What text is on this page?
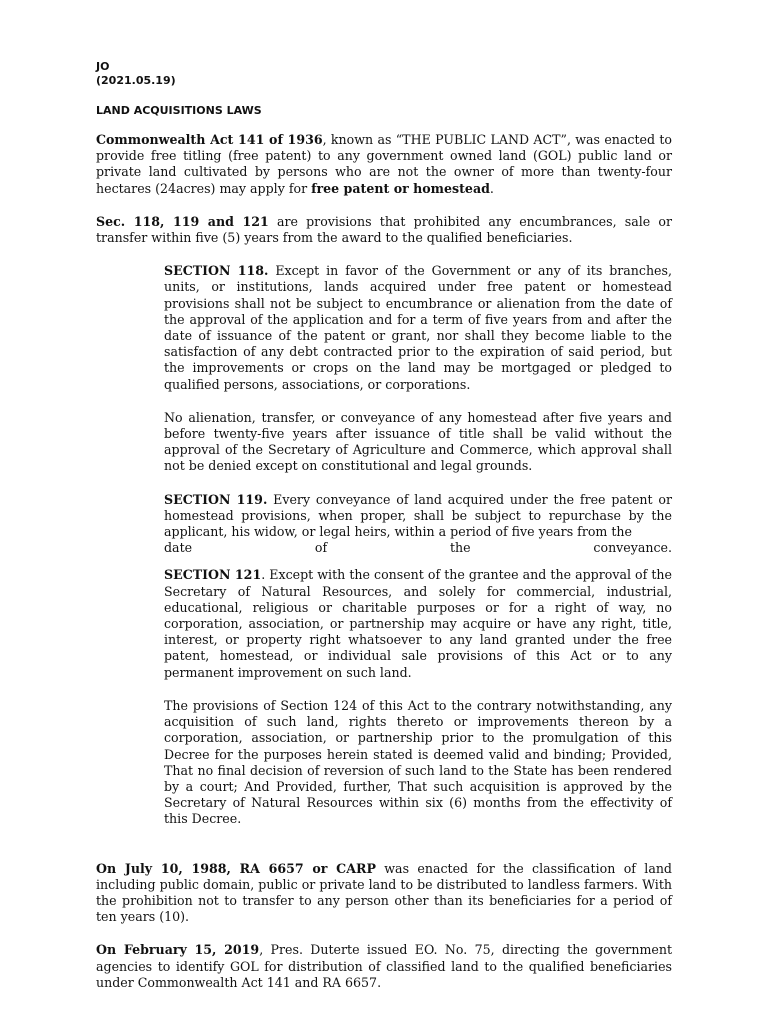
JO
(2021.05.19)
LAND ACQUISITIONS LAWS

Commonwealth Act 141 of 1936, known as “THE PUBLIC LAND ACT”, was enacted to provide free titling (free patent) to any government owned land (GOL) public land or private land cultivated by persons who are not the owner of more than twenty-four hectares (24acres) may apply for free patent or homestead.

Sec. 118, 119 and 121 are provisions that prohibited any encumbrances, sale or transfer within five (5) years from the award to the qualified beneficiaries.

SECTION 118. Except in favor of the Government or any of its branches, units, or institutions, lands acquired under free patent or homestead provisions shall not be subject to encumbrance or alienation from the date of the approval of the application and for a term of five years from and after the date of issuance of the patent or grant, nor shall they become liable to the satisfaction of any debt contracted prior to the expiration of said period, but the improvements or crops on the land may be mortgaged or pledged to qualified persons, associations, or corporations.

No alienation, transfer, or conveyance of any homestead after five years and before twenty-five years after issuance of title shall be valid without the approval of the Secretary of Agriculture and Commerce, which approval shall not be denied except on constitutional and legal grounds.

SECTION 119. Every conveyance of land acquired under the free patent or homestead provisions, when proper, shall be subject to repurchase by the applicant, his widow, or legal heirs, within a period of five years from the

date of the conveyance.

SECTION 121. Except with the consent of the grantee and the approval of the Secretary of Natural Resources, and solely for commercial, industrial, educational, religious or charitable purposes or for a right of way, no corporation, association, or partnership may acquire or have any right, title, interest, or property right whatsoever to any land granted under the free patent, homestead, or individual sale provisions of this Act or to any permanent improvement on such land.

The provisions of Section 124 of this Act to the contrary notwithstanding, any acquisition of such land, rights thereto or improvements thereon by a corporation, association, or partnership prior to the promulgation of this Decree for the purposes herein stated is deemed valid and binding; Provided, That no final decision of reversion of such land to the State has been rendered by a court; And Provided, further, That such acquisition is approved by the Secretary of Natural Resources within six (6) months from the effectivity of this Decree.

On July 10, 1988, RA 6657 or CARP was enacted for the classification of land including public domain, public or private land to be distributed to landless farmers. With the prohibition not to transfer to any person other than its beneficiaries for a period of ten years (10).

On February 15, 2019, Pres. Duterte issued EO. No. 75, directing the government agencies to identify GOL for distribution of classified land to the qualified beneficiaries under Commonwealth Act 141 and RA 6657.
